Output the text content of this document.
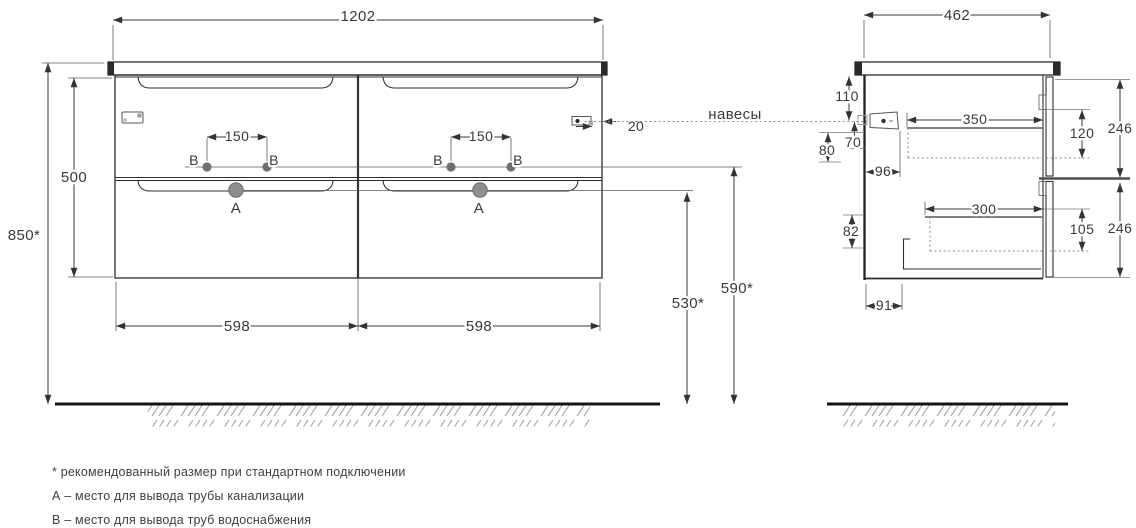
В	В	В	В
А	А
1202
598	598
500
850*
150	150
590*
530*
20
навесы
462
110
70
80
96
350
120 246
300
105 246
82
91
* рекомендованный размер при стандартном подключении
А – место для вывода трубы канализации
В – место для вывода труб водоснабжения
